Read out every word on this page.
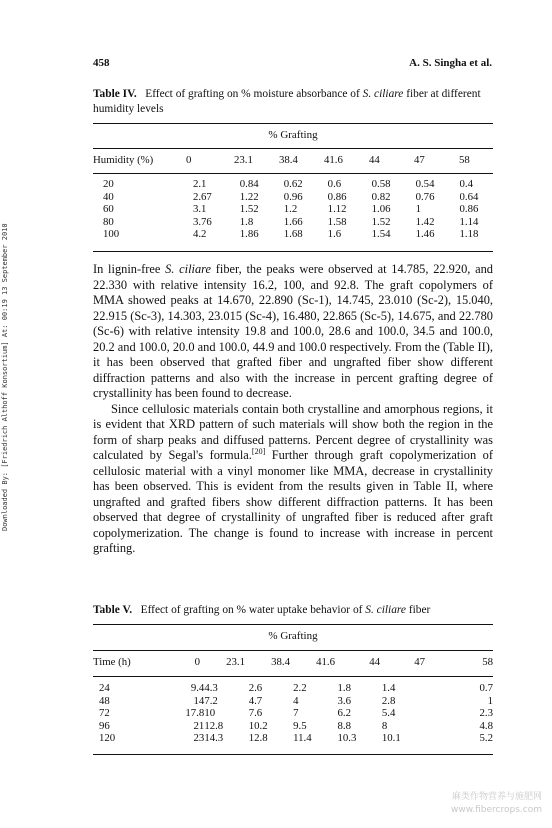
458	A. S. Singha et al.
Downloaded By: [Friedrich Althoff Konsortium] At: 00:19 13 September 2010
Table IV. Effect of grafting on % moisture absorbance of S. ciliare fiber at different humidity levels
% Grafting
Humidity (%)	0	23.1	38.4	41.6	44	47	58
20	2.1	0.84	0.62	0.6	0.58	0.54	0.4
40	2.67	1.22	0.96	0.86	0.82	0.76	0.64
60	3.1	1.52	1.2	1.12	1.06	1	0.86
80	3.76	1.8	1.66	1.58	1.52	1.42	1.14
100	4.2	1.86	1.68	1.6	1.54	1.46	1.18

In lignin-free S. ciliare fiber, the peaks were observed at 14.785, 22.920, and 22.330 with relative intensity 16.2, 100, and 92.8. The graft copolymers of MMA showed peaks at 14.670, 22.890 (Sc-1), 14.745, 23.010 (Sc-2), 15.040, 22.915 (Sc-3), 14.303, 23.015 (Sc-4), 16.480, 22.865 (Sc-5), 14.675, and 22.780 (Sc-6) with relative intensity 19.8 and 100.0, 28.6 and 100.0, 34.5 and 100.0, 20.2 and 100.0, 20.0 and 100.0, 44.9 and 100.0 respectively. From the (Table II), it has been observed that grafted fiber and ungrafted fiber show different diffraction patterns and also with the increase in percent grafting degree of crystallinity has been found to decrease.

Since cellulosic materials contain both crystalline and amorphous regions, it is evident that XRD pattern of such materials will show both the region in the form of sharp peaks and diffused patterns. Percent degree of crystallinity was calculated by Segal's formula.[20] Further through graft copolymerization of cellulosic material with a vinyl monomer like MMA, decrease in crystallinity has been observed. This is evident from the results given in Table II, where ungrafted and grafted fibers show different diffraction patterns. It has been observed that degree of crystallinity of ungrafted fiber is reduced after graft copolymerization. The change is found to increase with increase in percent grafting.

Table V. Effect of grafting on % water uptake behavior of S. ciliare fiber
% Grafting
Time (h)	0	23.1	38.4	41.6	44	47	58
24	9.4	4.3	2.6	2.2	1.8	1.4	0.7
48	14	7.2	4.7	4	3.6	2.8	1
72	17.8	10	7.6	7	6.2	5.4	2.3
96	21	12.8	10.2	9.5	8.8	8	4.8
120	23	14.3	12.8	11.4	10.3	10.1	5.2
麻类作物营养与施肥网
www.fibercrops.com
